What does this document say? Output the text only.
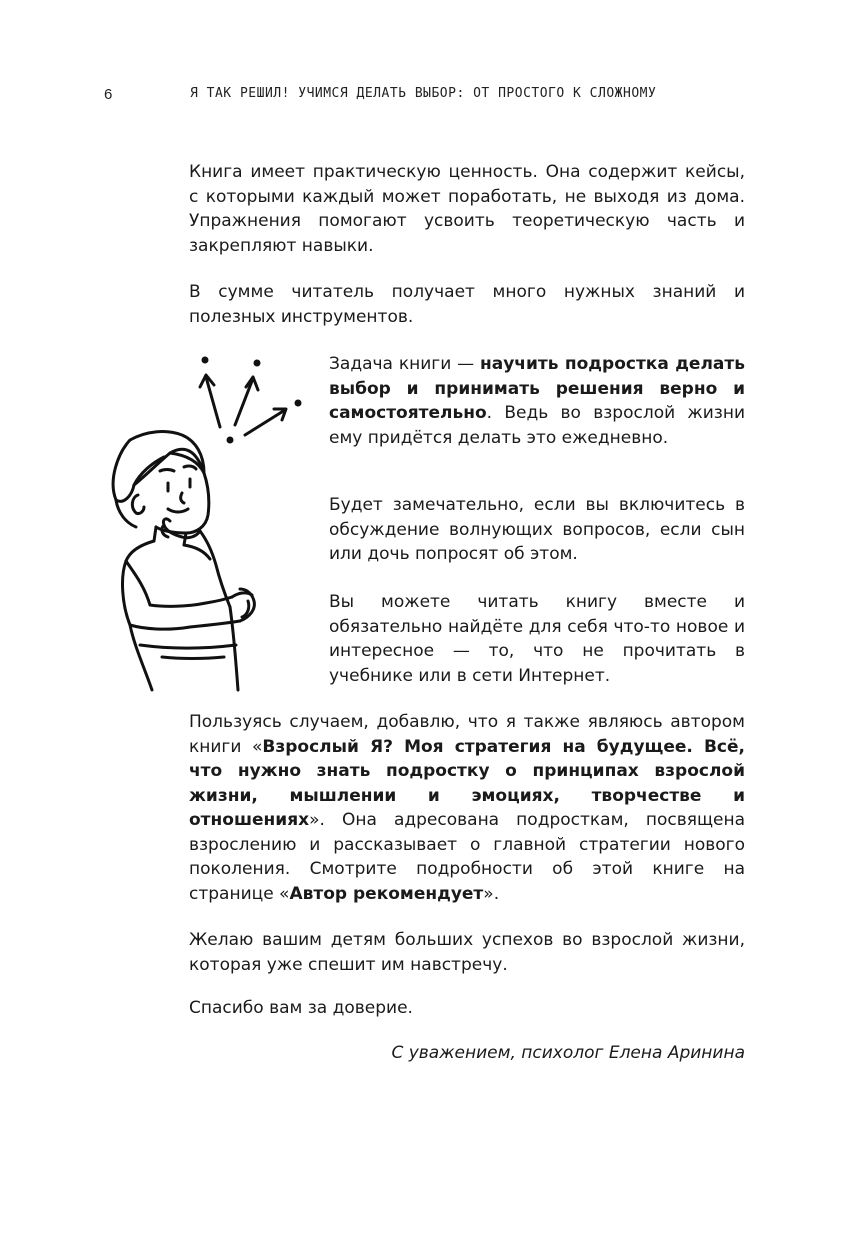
6	Я ТАК РЕШИЛ! УЧИМСЯ ДЕЛАТЬ ВЫБОР: ОТ ПРОСТОГО К СЛОЖНОМУ

Книга имеет практическую ценность. Она содержит кейсы, с которыми каждый может поработать, не выходя из дома. Упражнения помогают усвоить теоретическую часть и закрепляют навыки.

В сумме читатель получает много нужных знаний и полезных инструментов.

Задача книги — научить подростка делать выбор и принимать решения верно и самостоятельно. Ведь во взрослой жизни ему придётся делать это ежедневно.

Будет замечательно, если вы включитесь в обсуждение волнующих вопросов, если сын или дочь попросят об этом.

Вы можете читать книгу вместе и обязательно найдёте для себя что-то новое и интересное — то, что не прочитать в учебнике или в сети Интернет.

Пользуясь случаем, добавлю, что я также являюсь автором книги «Взрослый Я? Моя стратегия на будущее. Всё, что нужно знать подростку о принципах взрослой жизни, мышлении и эмоциях, творчестве и отношениях». Она адресована подросткам, посвящена взрослению и рассказывает о главной стратегии нового поколения. Смотрите подробности об этой книге на странице «Автор рекомендует».

Желаю вашим детям больших успехов во взрослой жизни, которая уже спешит им навстречу.

Спасибо вам за доверие.

С уважением, психолог Елена Аринина
